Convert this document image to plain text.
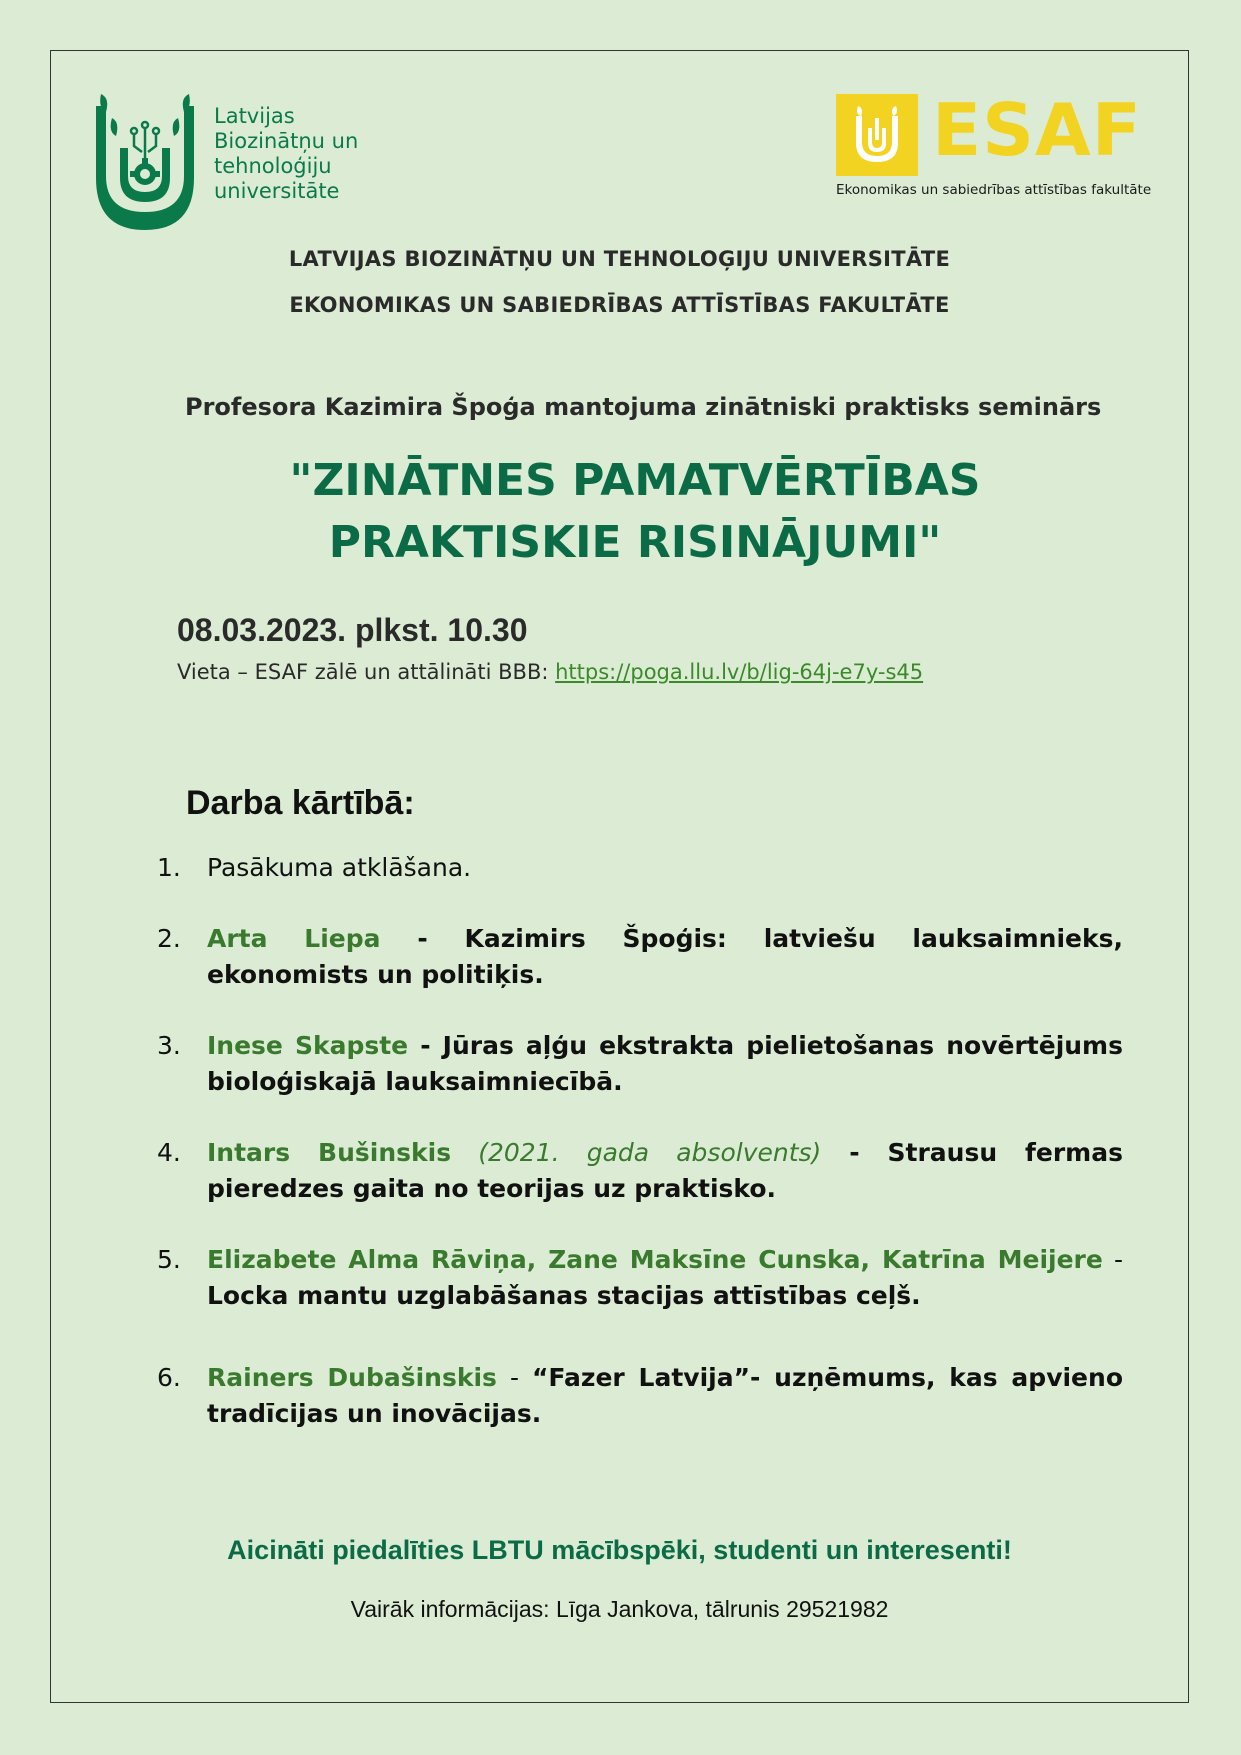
Latvijas
Biozinātņu un
tehnoloģiju
universitāte
ESAF
Ekonomikas un sabiedrības attīstības fakultāte
LATVIJAS BIOZINĀTŅU UN TEHNOLOĢIJU UNIVERSITĀTE
EKONOMIKAS UN SABIEDRĪBAS ATTĪSTĪBAS FAKULTĀTE
Profesora Kazimira Špoģa mantojuma zinātniski praktisks seminārs
"ZINĀTNES PAMATVĒRTĪBAS PRAKTISKIE RISINĀJUMI"
08.03.2023. plkst. 10.30
Vieta – ESAF zālē un attālināti BBB: https://poga.llu.lv/b/lig-64j-e7y-s45
Darba kārtībā:
1. Pasākuma atklāšana.
2. Arta Liepa - Kazimirs Špoģis: latviešu lauksaimnieks, ekonomists un politiķis.
3. Inese Skapste - Jūras aļģu ekstrakta pielietošanas novērtējums bioloģiskajā lauksaimniecībā.
4. Intars Bušinskis (2021. gada absolvents) - Strausu fermas pieredzes gaita no teorijas uz praktisko.
5. Elizabete Alma Rāviņa, Zane Maksīne Cunska, Katrīna Meijere - Locka mantu uzglabāšanas stacijas attīstības ceļš.
6. Rainers Dubašinskis - “Fazer Latvija”- uzņēmums, kas apvieno tradīcijas un inovācijas.
Aicināti piedalīties LBTU mācībspēki, studenti un interesenti!
Vairāk informācijas: Līga Jankova, tālrunis 29521982
